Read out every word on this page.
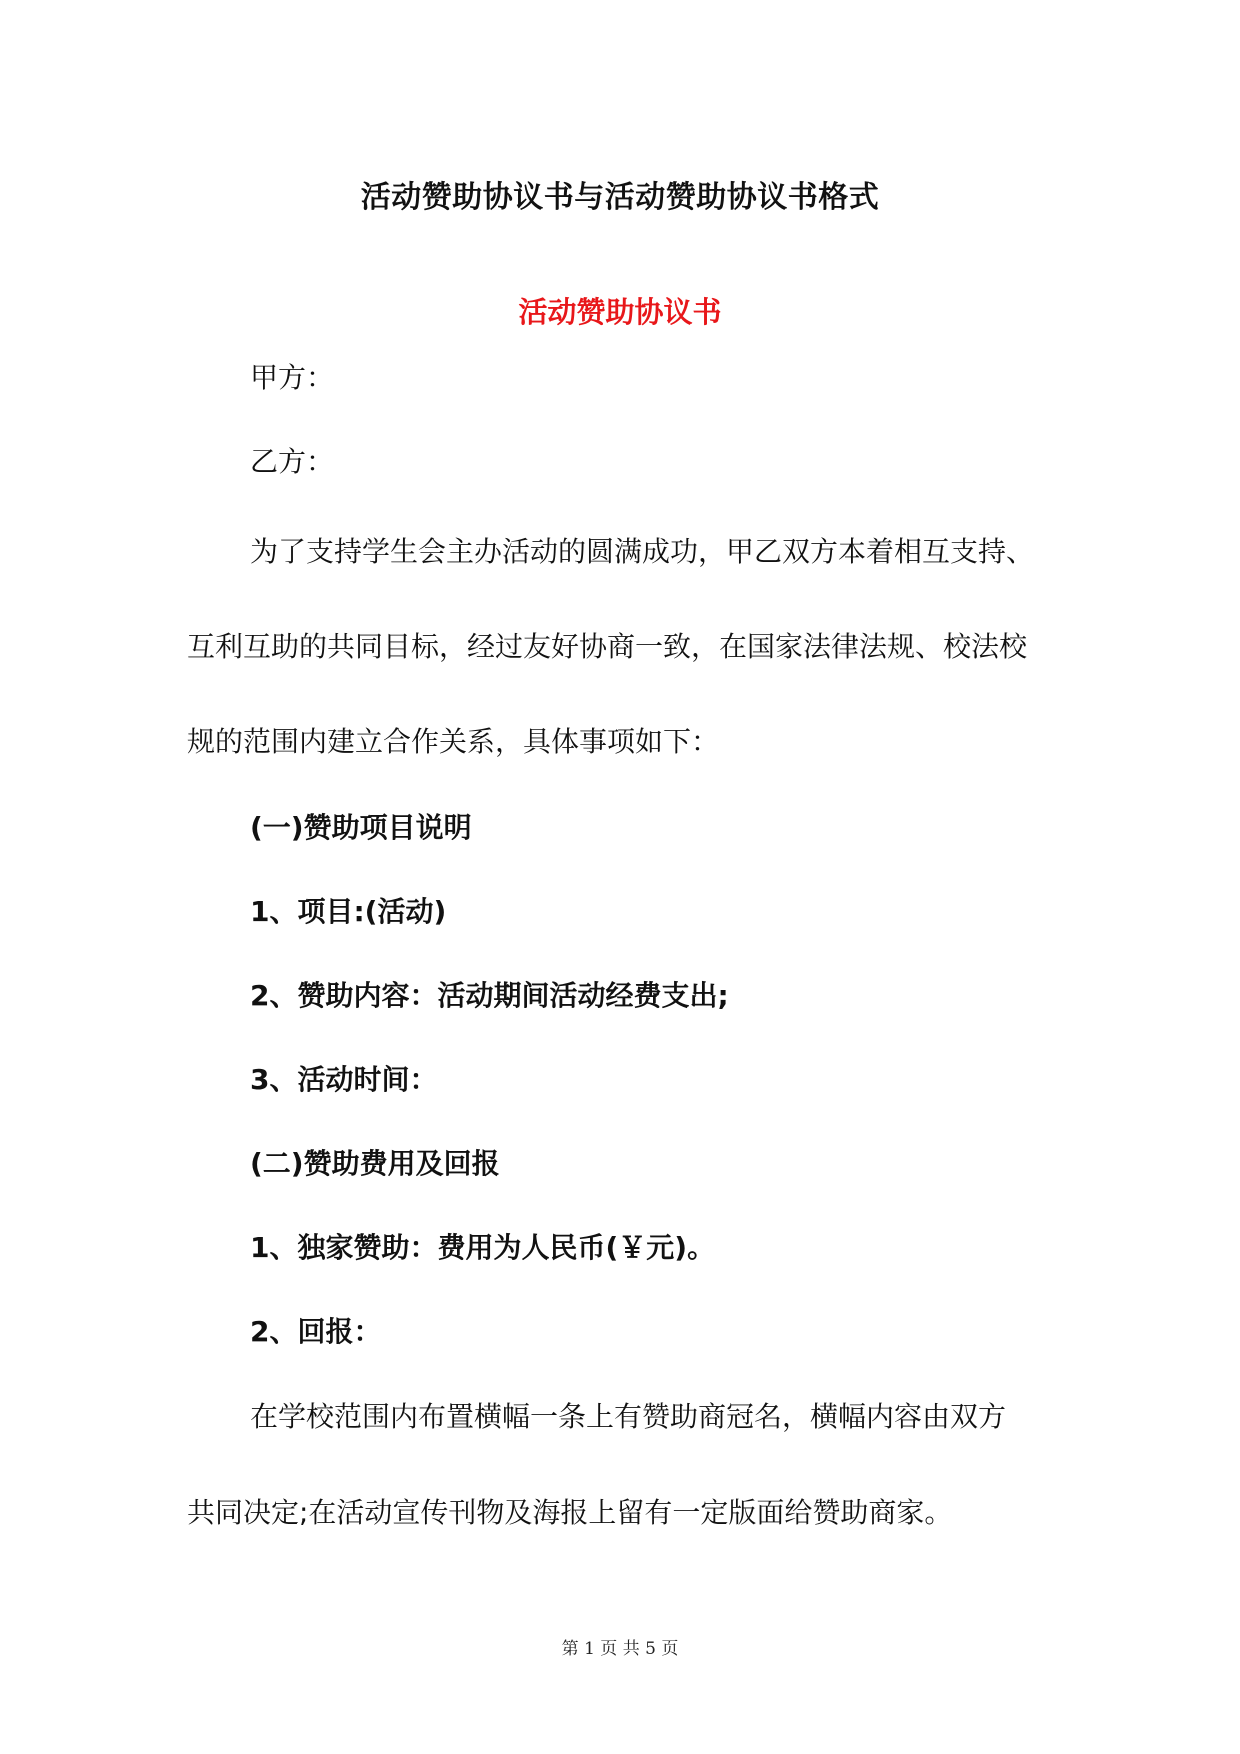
活动赞助协议书与活动赞助协议书格式
活动赞助协议书
甲方：
乙方：
为了支持学生会主办活动的圆满成功，甲乙双方本着相互支持、
互利互助的共同目标，经过友好协商一致，在国家法律法规、校法校
规的范围内建立合作关系，具体事项如下：
(一)赞助项目说明
1、项目:(活动)
2、赞助内容：活动期间活动经费支出;
3、活动时间：
(二)赞助费用及回报
1、独家赞助：费用为人民币(￥元)。
2、回报：
在学校范围内布置横幅一条上有赞助商冠名，横幅内容由双方
共同决定;在活动宣传刊物及海报上留有一定版面给赞助商家。
第 1 页 共 5 页
